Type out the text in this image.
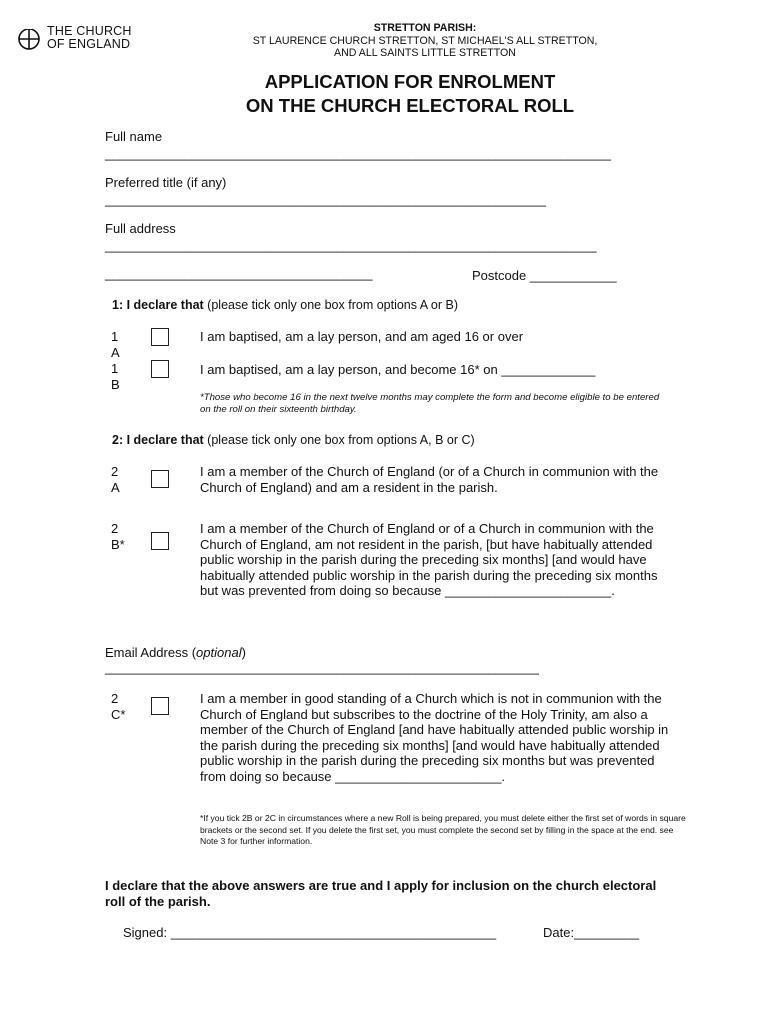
THE CHURCH
OF ENGLAND
STRETTON PARISH:
ST LAURENCE CHURCH STRETTON, ST MICHAEL'S ALL STRETTON,
AND ALL SAINTS LITTLE STRETTON
APPLICATION FOR ENROLMENT
ON THE CHURCH ELECTORAL ROLL
Full name
______________________________________________________________________
Preferred title (if any)
_____________________________________________________________
Full address
____________________________________________________________________
_____________________________________	Postcode ____________
1: I declare that (please tick only one box from options A or B)
1
A
I am baptised, am a lay person, and am aged 16 or over
1
B
I am baptised, am a lay person, and become 16* on _____________
*Those who become 16 in the next twelve months may complete the form and become eligible to be entered on the roll on their sixteenth birthday.
2: I declare that (please tick only one box from options A, B or C)
2
A
I am a member of the Church of England (or of a Church in communion with the Church of England) and am a resident in the parish.
2
B*
I am a member of the Church of England or of a Church in communion with the Church of England, am not resident in the parish, [but have habitually attended public worship in the parish during the preceding six months] [and would have habitually attended public worship in the parish during the preceding six months but was prevented from doing so because _______________________.
Email Address (optional)
____________________________________________________________
2
C*
I am a member in good standing of a Church which is not in communion with the Church of England but subscribes to the doctrine of the Holy Trinity, am also a member of the Church of England [and have habitually attended public worship in the parish during the preceding six months] [and would have habitually attended public worship in the parish during the preceding six months but was prevented from doing so because _______________________.
*If you tick 2B or 2C in circumstances where a new Roll is being prepared, you must delete either the first set of words in square brackets or the second set. If you delete the first set, you must complete the second set by filling in the space at the end. see Note 3 for further information.
I declare that the above answers are true and I apply for inclusion on the church electoral roll of the parish.
Signed: _____________________________________________	Date:_________
